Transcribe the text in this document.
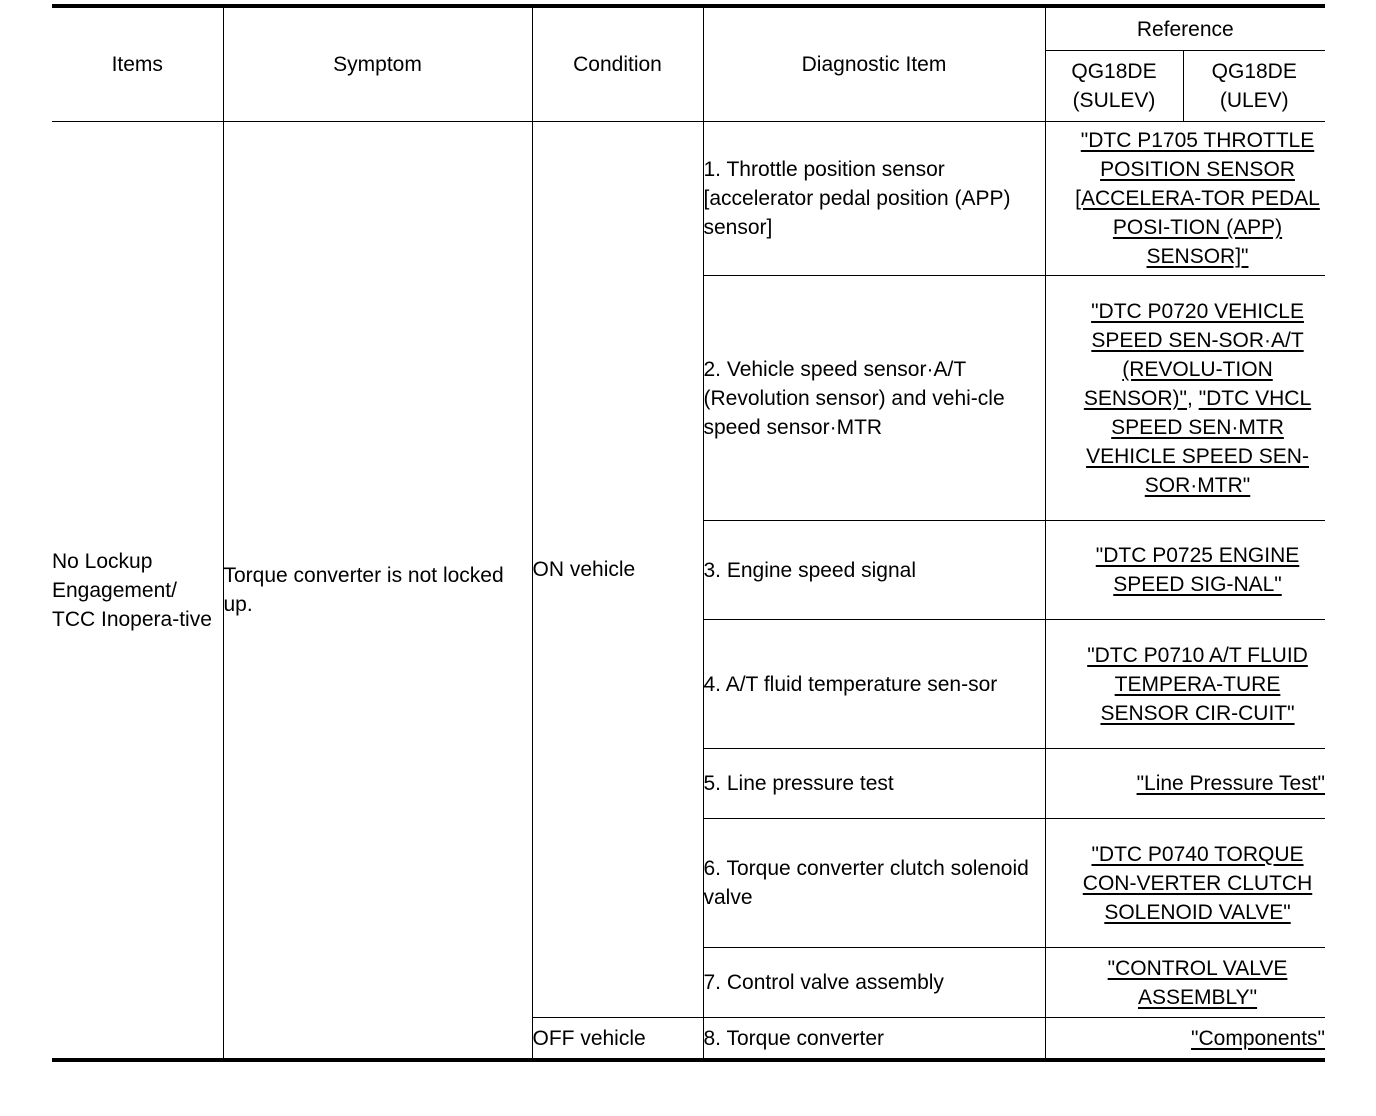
Items	Symptom	Condition	Diagnostic Item	Reference	
				QG18DE (SULEV)	QG18DE (ULEV)
No Lockup Engagement/ TCC Inopera-tive	Torque converter is not locked up.	ON vehicle	1. Throttle position sensor [accelerator pedal position (APP) sensor]	"DTC P1705 THROTTLE POSITION SENSOR [ACCELERA-TOR PEDAL POSI-TION (APP) SENSOR]"	
			2. Vehicle speed sensor·A/T (Revolution sensor) and vehi-cle speed sensor·MTR	"DTC P0720 VEHICLE SPEED SEN-SOR·A/T (REVOLU-TION SENSOR)", "DTC VHCL SPEED SEN·MTR VEHICLE SPEED SEN-SOR·MTR"	
			3. Engine speed signal	"DTC P0725 ENGINE SPEED SIG-NAL"	
			4. A/T fluid temperature sen-sor	"DTC P0710 A/T FLUID TEMPERA-TURE SENSOR CIR-CUIT"	
			5. Line pressure test	"Line Pressure Test"	
			6. Torque converter clutch solenoid valve	"DTC P0740 TORQUE CON-VERTER CLUTCH SOLENOID VALVE"	
			7. Control valve assembly	"CONTROL VALVE ASSEMBLY"	
		OFF vehicle	8. Torque converter	"Components"	
